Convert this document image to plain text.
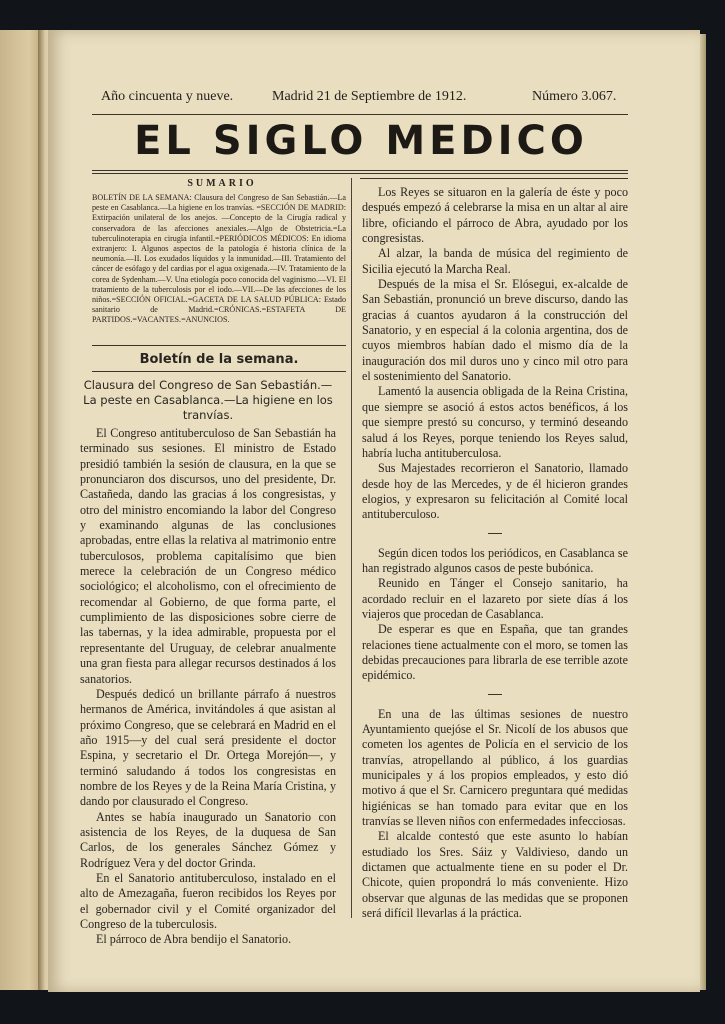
Año cincuenta y nueve.	Madrid 21 de Septiembre de 1912.	Número 3.067.
EL SIGLO MEDICO
SUMARIO
BOLETÍN DE LA SEMANA: Clausura del Congreso de San Sebastián.—La peste en Casablanca.—La higiene en los tranvías. =SECCIÓN DE MADRID: Extirpación unilateral de los anejos. —Concepto de la Cirugía radical y conservadora de las afecciones anexiales.—Algo de Obstetricia.=La tuberculinoterapia en cirugía infantil.=PERIÓDICOS MÉDICOS: En idioma extranjero: I. Algunos aspectos de la patología é historia clínica de la neumonía.—II. Los exudados líquidos y la inmunidad.—III. Tratamiento del cáncer de esófago y del cardias por el agua oxigenada.—IV. Tratamiento de la corea de Sydenham.—V. Una etiología poco conocida del vaginismo.—VI. El tratamiento de la tuberculosis por el iodo.—VII.—De las afecciones de los niños.=SECCIÓN OFICIAL.=GACETA DE LA SALUD PÚBLICA: Estado sanitario de Madrid.=CRÓNICAS.=ESTAFETA DE PARTIDOS.=VACANTES.=ANUNCIOS.
Boletín de la semana.
Clausura del Congreso de San Sebastián.—La peste en Casablanca.—La higiene en los tranvías.

El Congreso antituberculoso de San Sebastián ha terminado sus sesiones. El ministro de Estado presidió también la sesión de clausura, en la que se pronunciaron dos discursos, uno del presidente, Dr. Castañeda, dando las gracias á los congresistas, y otro del ministro encomiando la labor del Congreso y examinando algunas de las conclusiones aprobadas, entre ellas la relativa al matrimonio entre tuberculosos, problema capitalísimo que bien merece la celebración de un Congreso médico sociológico; el alcoholismo, con el ofrecimiento de recomendar al Gobierno, de que forma parte, el cumplimiento de las disposiciones sobre cierre de las tabernas, y la idea admirable, propuesta por el representante del Uruguay, de celebrar anualmente una gran fiesta para allegar recursos destinados á los sanatorios.

Después dedicó un brillante párrafo á nuestros hermanos de América, invitándoles á que asistan al próximo Congreso, que se celebrará en Madrid en el año 1915—y del cual será presidente el doctor Espina, y secretario el Dr. Ortega Morejón—, y terminó saludando á todos los congresistas en nombre de los Reyes y de la Reina María Cristina, y dando por clausurado el Congreso.

Antes se había inaugurado un Sanatorio con asistencia de los Reyes, de la duquesa de San Carlos, de los generales Sánchez Gómez y Rodríguez Vera y del doctor Grinda.

En el Sanatorio antituberculoso, instalado en el alto de Amezagaña, fueron recibidos los Reyes por el gobernador civil y el Comité organizador del Congreso de la tuberculosis.

El párroco de Abra bendijo el Sanatorio.

Los Reyes se situaron en la galería de éste y poco después empezó á celebrarse la misa en un altar al aire libre, oficiando el párroco de Abra, ayudado por los congresistas.

Al alzar, la banda de música del regimiento de Sicilia ejecutó la Marcha Real.

Después de la misa el Sr. Elósegui, ex-alcalde de San Sebastián, pronunció un breve discurso, dando las gracias á cuantos ayudaron á la construcción del Sanatorio, y en especial á la colonia argentina, dos de cuyos miembros habían dado el mismo día de la inauguración dos mil duros uno y cinco mil otro para el sostenimiento del Sanatorio.

Lamentó la ausencia obligada de la Reina Cristina, que siempre se asoció á estos actos benéficos, á los que siempre prestó su concurso, y terminó deseando salud á los Reyes, porque teniendo los Reyes salud, habría lucha antituberculosa.

Sus Majestades recorrieron el Sanatorio, llamado desde hoy de las Mercedes, y de él hicieron grandes elogios, y expresaron su felicitación al Comité local antituberculoso.

Según dicen todos los periódicos, en Casablanca se han registrado algunos casos de peste bubónica.

Reunido en Tánger el Consejo sanitario, ha acordado recluir en el lazareto por siete días á los viajeros que procedan de Casablanca.

De esperar es que en España, que tan grandes relaciones tiene actualmente con el moro, se tomen las debidas precauciones para librarla de ese terrible azote epidémico.

En una de las últimas sesiones de nuestro Ayuntamiento quejóse el Sr. Nicolí de los abusos que cometen los agentes de Policía en el servicio de los tranvías, atropellando al público, á los guardias municipales y á los propios empleados, y esto dió motivo á que el Sr. Carnicero preguntara qué medidas higiénicas se han tomado para evitar que en los tranvías se lleven niños con enfermedades infecciosas.

El alcalde contestó que este asunto lo habían estudiado los Sres. Sáiz y Valdivieso, dando un dictamen que actualmente tiene en su poder el Dr. Chicote, quien propondrá lo más conveniente. Hizo observar que algunas de las medidas que se proponen será difícil llevarlas á la práctica.
